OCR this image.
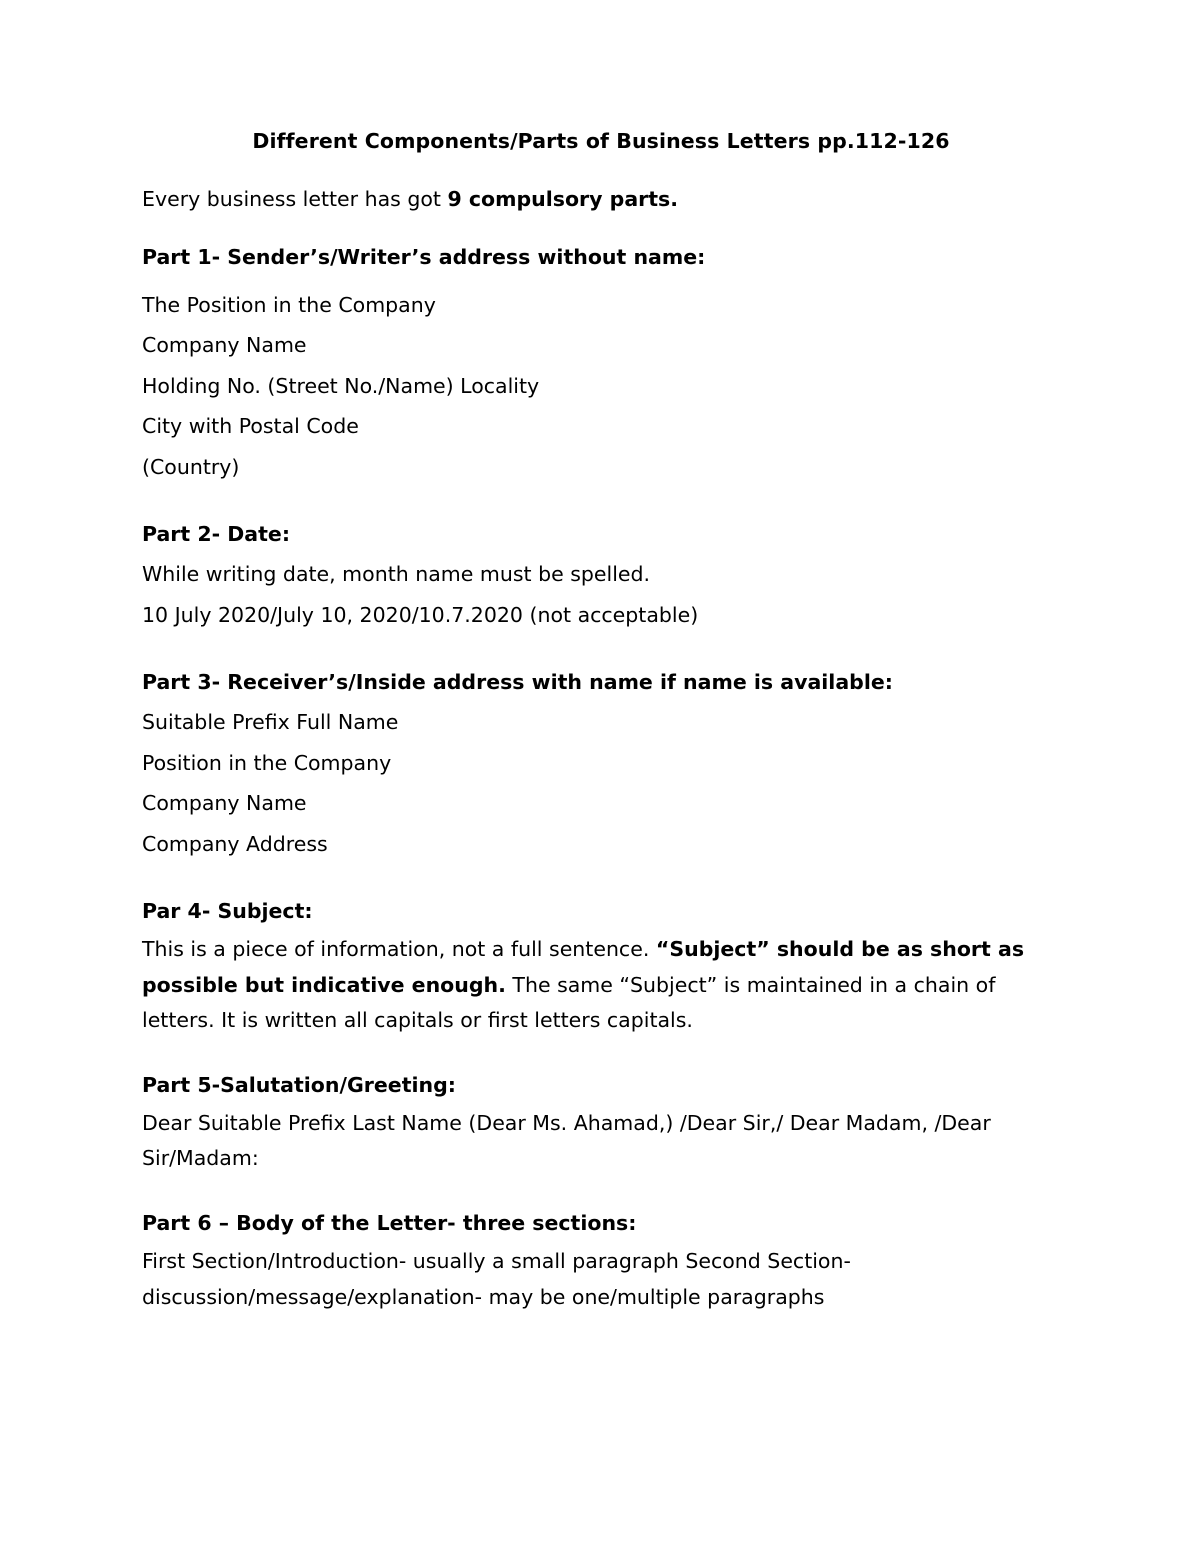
Different Components/Parts of Business Letters pp.112-126

Every business letter has got 9 compulsory parts.

Part 1- Sender’s/Writer’s address without name:

The Position in the Company

Company Name

Holding No. (Street No./Name) Locality

City with Postal Code

(Country)

Part 2- Date:

While writing date, month name must be spelled.

10 July 2020/July 10, 2020/10.7.2020 (not acceptable)

Part 3- Receiver’s/Inside address with name if name is available:

Suitable Prefix Full Name

Position in the Company

Company Name

Company Address

Par 4- Subject:

This is a piece of information, not a full sentence. “Subject” should be as short as possible but indicative enough. The same “Subject” is maintained in a chain of letters. It is written all capitals or first letters capitals.

Part 5-Salutation/Greeting:

Dear Suitable Prefix Last Name (Dear Ms. Ahamad,) /Dear Sir,/ Dear Madam, /Dear Sir/Madam:

Part 6 – Body of the Letter- three sections:

First Section/Introduction- usually a small paragraph Second Section- discussion/message/explanation- may be one/multiple paragraphs
